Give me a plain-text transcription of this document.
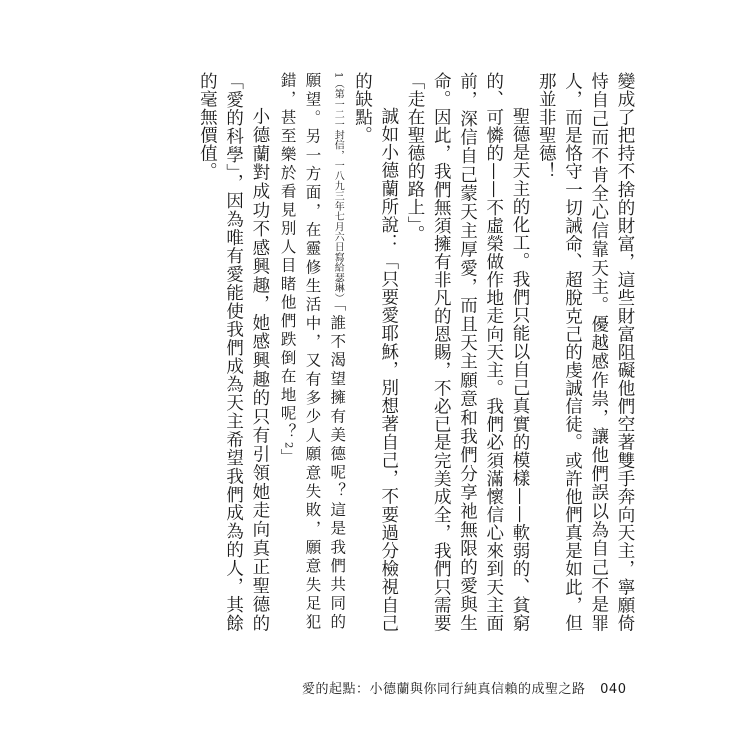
變成了把持不捨的財富，這些財富阻礙他們空著雙手奔向天主，寧願倚恃自己而不肯全心信靠天主。優越感作祟，讓他們誤以為自己不是罪人，而是恪守一切誡命、超脫克己的虔誠信徒。或許他們真是如此，但那並非聖德！

聖德是天主的化工。我們只能以自己真實的模樣——軟弱的、貧窮的、可憐的——不虛榮做作地走向天主。我們必須滿懷信心來到天主面前，深信自己蒙天主厚愛，而且天主願意和我們分享祂無限的愛與生命。因此，我們無須擁有非凡的恩賜，不必已是完美成全，我們只需要「走在聖德的路上」。

誠如小德蘭所說：「只要愛耶穌，別想著自己，不要過分檢視自己的缺點。

1（第一二一封信，一八九三年七月六日寫給瑟琳）「誰不渴望擁有美德呢？這是我們共同的願望。另一方面，在靈修生活中，又有多少人願意失敗，願意失足犯錯，甚至樂於看見別人目睹他們跌倒在地呢？2」

小德蘭對成功不感興趣，她感興趣的只有引領她走向真正聖德的「愛的科學」，因為唯有愛能使我們成為天主希望我們成為的人，其餘的毫無價值。

愛的起點：小德蘭與你同行純真信賴的成聖之路 040
